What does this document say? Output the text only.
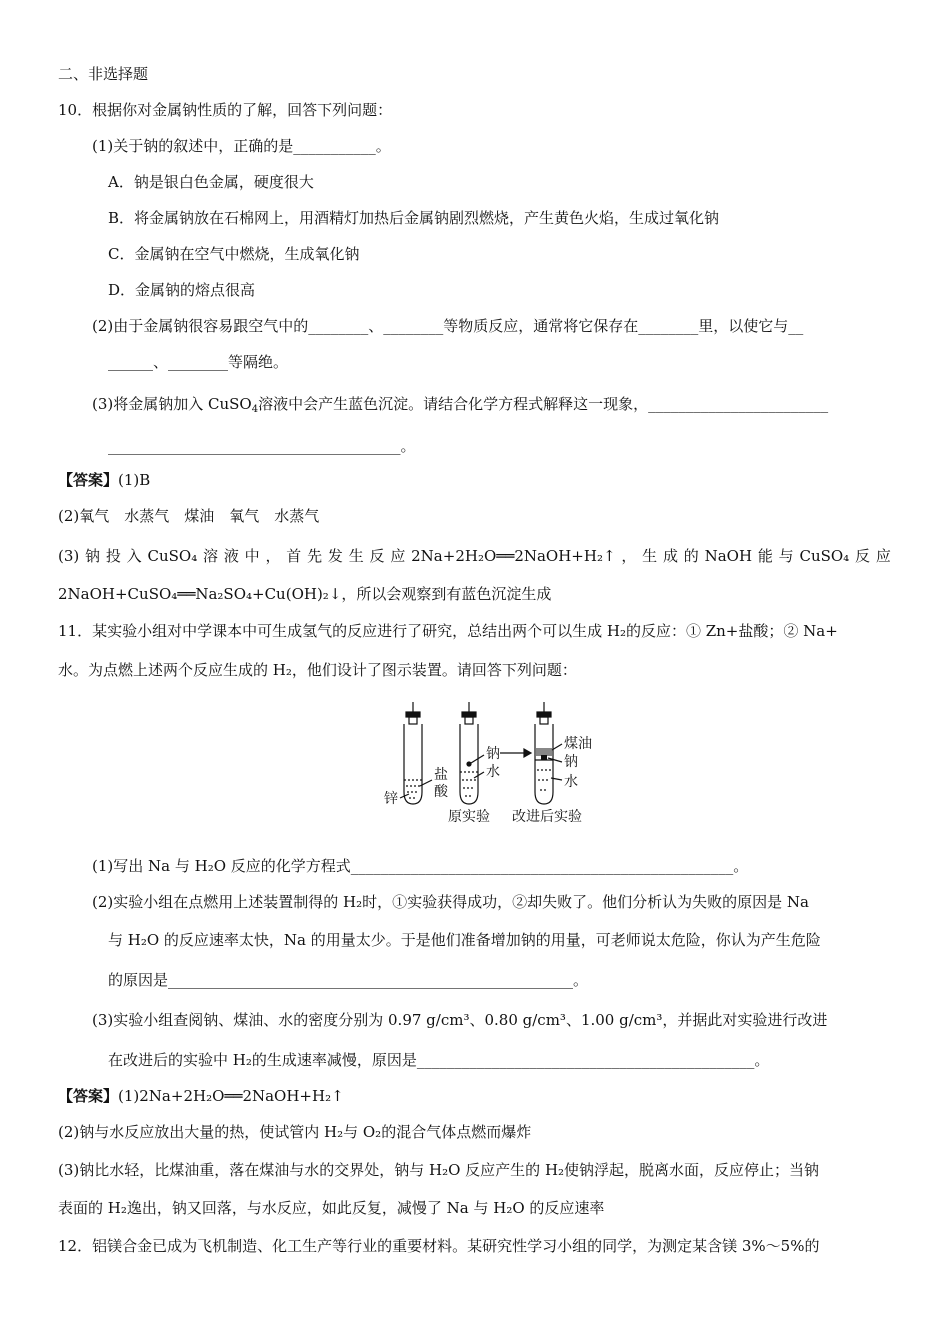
二、非选择题
10．根据你对金属钠性质的了解，回答下列问题：
(1)关于钠的叙述中，正确的是___________。
A．钠是银白色金属，硬度很大
B．将金属钠放在石棉网上，用酒精灯加热后金属钠剧烈燃烧，产生黄色火焰，生成过氧化钠
C．金属钠在空气中燃烧，生成氧化钠
D．金属钠的熔点很高
(2)由于金属钠很容易跟空气中的________、________等物质反应，通常将它保存在________里，以使它与__
______、________等隔绝。
(3)将金属钠加入 CuSO$_4$溶液中会产生蓝色沉淀。请结合化学方程式解释这一现象，________________________
_______________________________________。
【答案】(1)B
(2)氧气　水蒸气　煤油　氧气　水蒸气
(3) 钠 投 入 CuSO₄ 溶 液 中 ， 首 先 发 生 反 应 2Na+2H₂O══2NaOH+H₂↑ ， 生 成 的 NaOH 能 与 CuSO₄ 反 应
2NaOH+CuSO₄══Na₂SO₄+Cu(OH)₂↓，所以会观察到有蓝色沉淀生成
11．某实验小组对中学课本中可生成氢气的反应进行了研究，总结出两个可以生成 H₂的反应：① Zn+盐酸；② Na+
水。为点燃上述两个反应生成的 H₂，他们设计了图示装置。请回答下列问题：
锌
盐
酸
钠
水
煤油
钠
水
原实验 改进后实验
(1)写出 Na 与 H₂O 反应的化学方程式___________________________________________________。
(2)实验小组在点燃用上述装置制得的 H₂时，①实验获得成功，②却失败了。他们分析认为失败的原因是 Na
与 H₂O 的反应速率太快，Na 的用量太少。于是他们准备增加钠的用量，可老师说太危险，你认为产生危险
的原因是______________________________________________________。
(3)实验小组查阅钠、煤油、水的密度分别为 0.97 g/cm³、0.80 g/cm³、1.00 g/cm³，并据此对实验进行改进
在改进后的实验中 H₂的生成速率减慢，原因是_____________________________________________。
【答案】(1)2Na+2H₂O══2NaOH+H₂↑
(2)钠与水反应放出大量的热，使试管内 H₂与 O₂的混合气体点燃而爆炸
(3)钠比水轻，比煤油重，落在煤油与水的交界处，钠与 H₂O 反应产生的 H₂使钠浮起，脱离水面，反应停止；当钠
表面的 H₂逸出，钠又回落，与水反应，如此反复，减慢了 Na 与 H₂O 的反应速率
12．铝镁合金已成为飞机制造、化工生产等行业的重要材料。某研究性学习小组的同学，为测定某含镁 3%～5%的
